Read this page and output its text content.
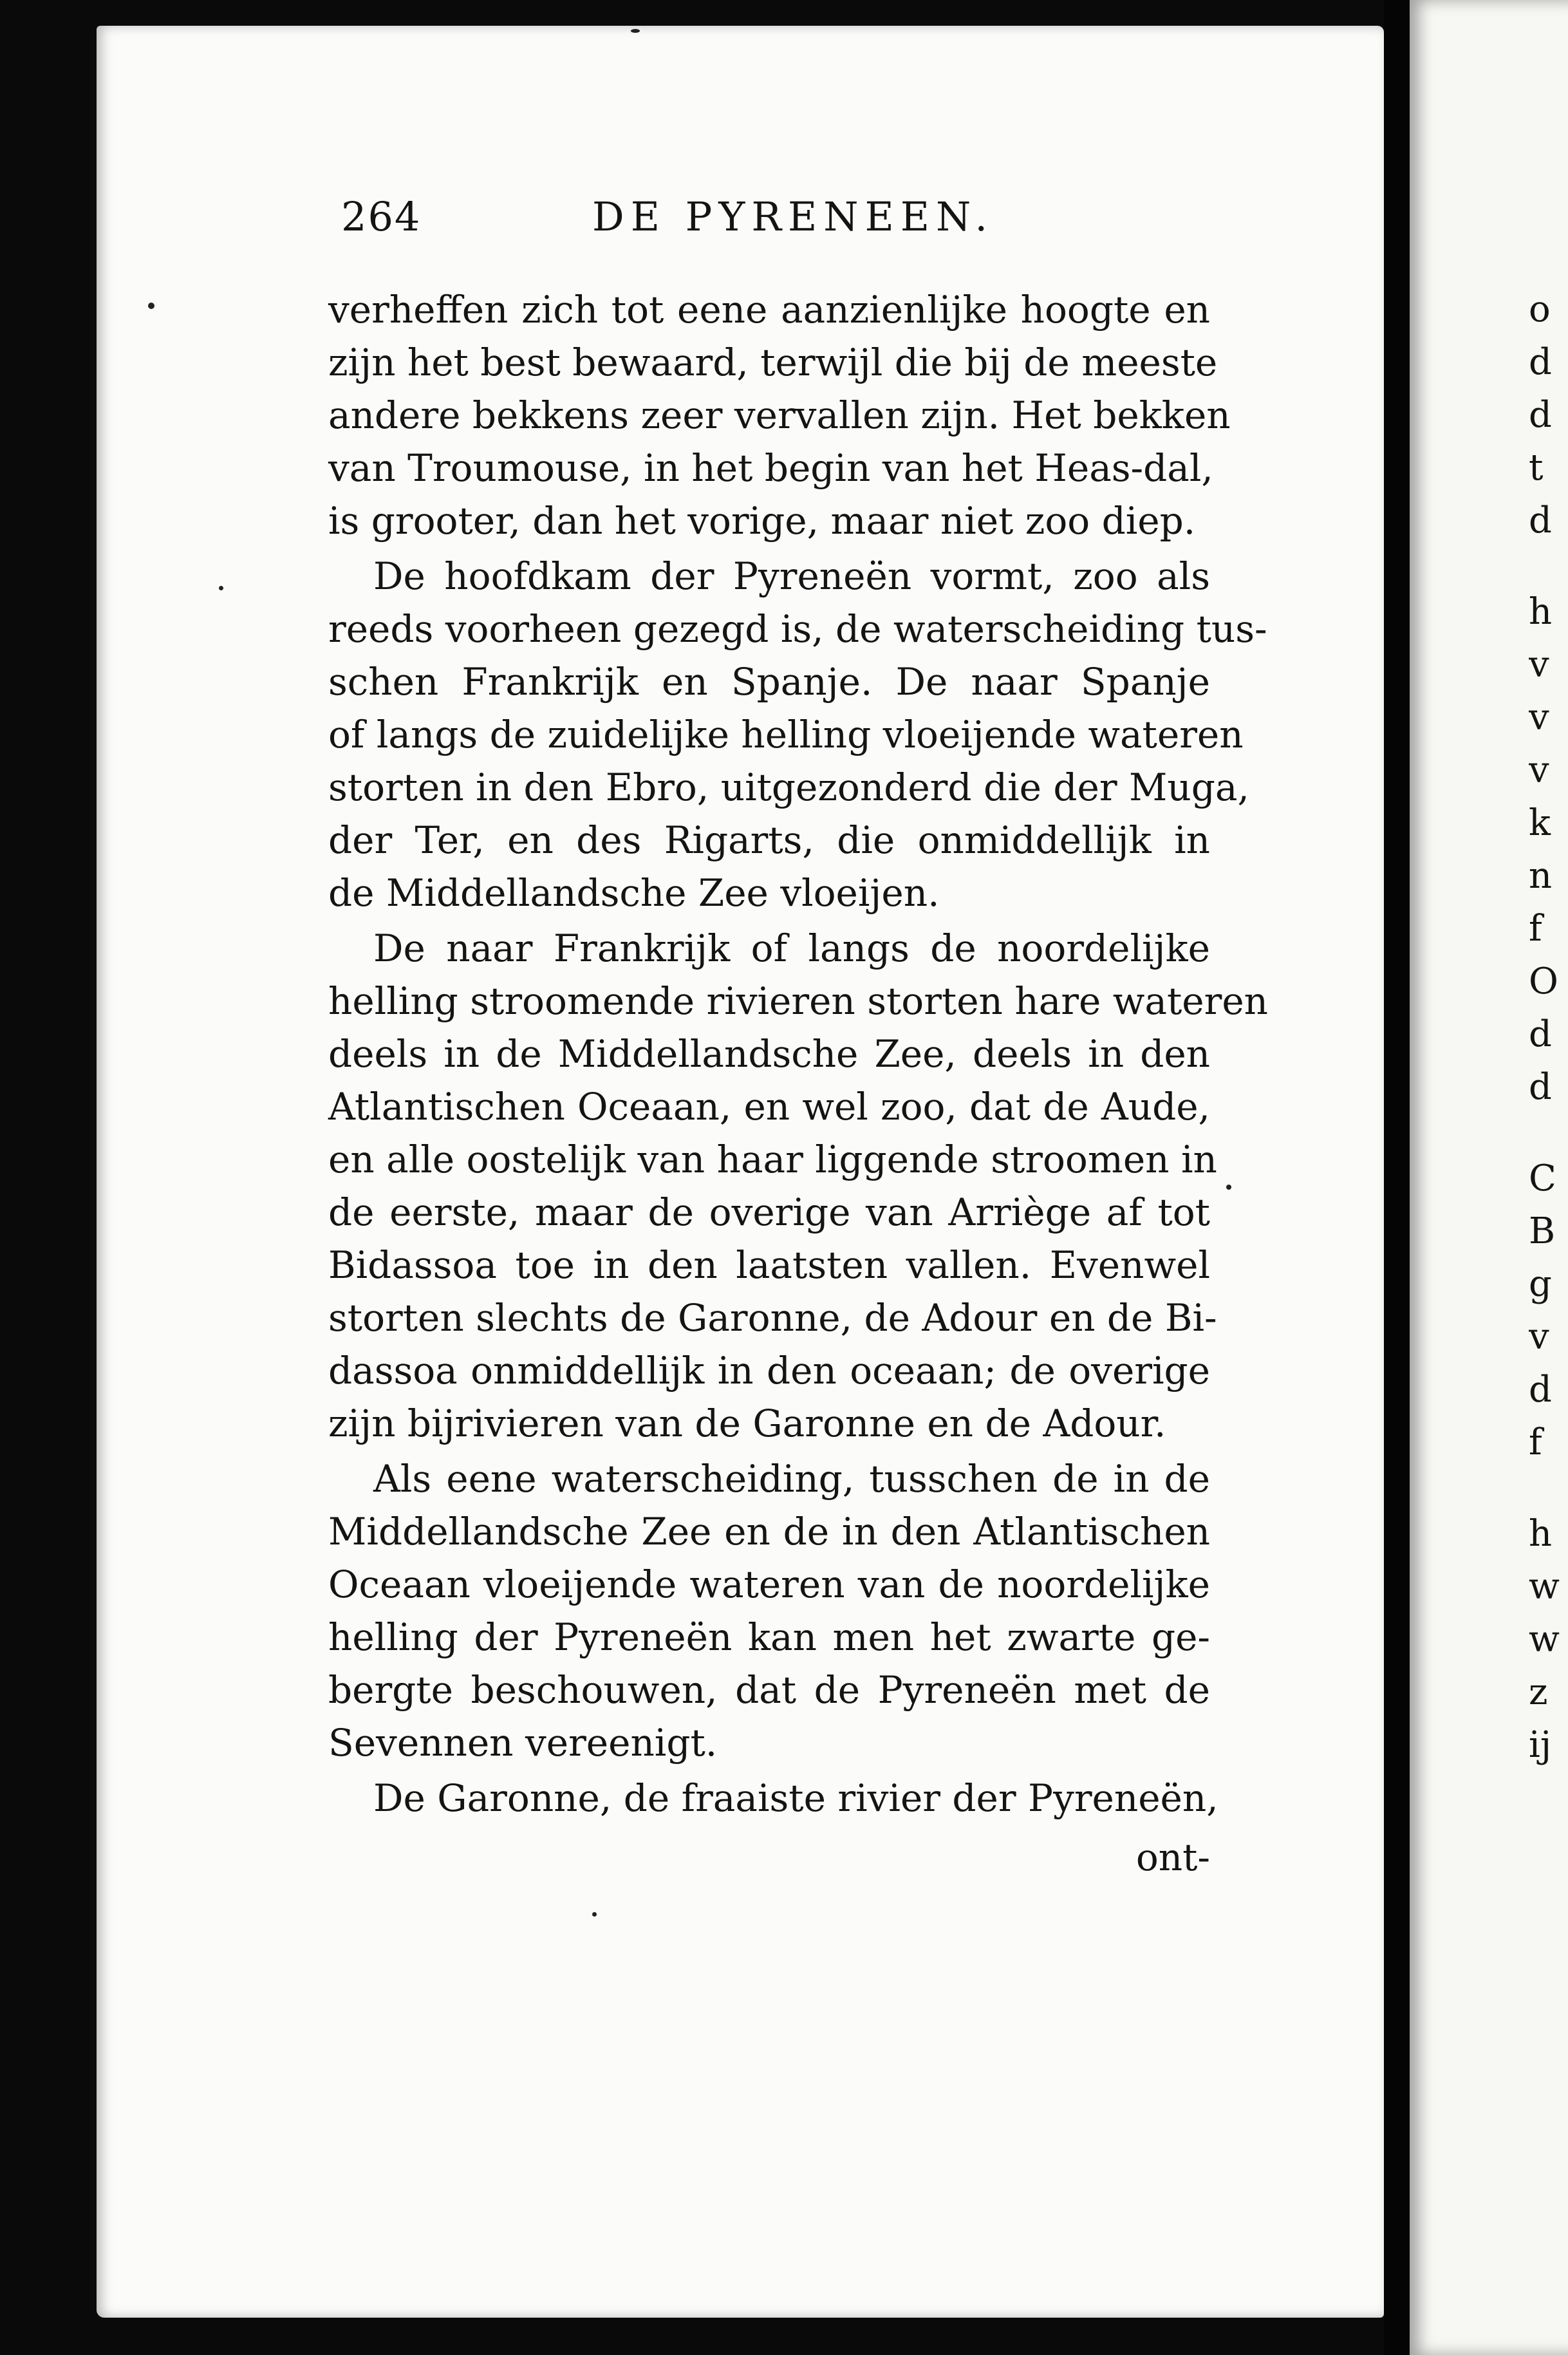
264	DE PYRENEEN.
verheffen zich tot eene aanzienlijke hoogte en
zijn het best bewaard, terwijl die bij de meeste
andere bekkens zeer vervallen zijn. Het bekken
van Troumouse, in het begin van het Heas-dal,
is grooter, dan het vorige, maar niet zoo diep.
De hoofdkam der Pyreneën vormt, zoo als
reeds voorheen gezegd is, de waterscheiding tus-
schen Frankrijk en Spanje. De naar Spanje
of langs de zuidelijke helling vloeijende wateren
storten in den Ebro, uitgezonderd die der Muga,
der Ter, en des Rigarts, die onmiddellijk in
de Middellandsche Zee vloeijen.
De naar Frankrijk of langs de noordelijke
helling stroomende rivieren storten hare wateren
deels in de Middellandsche Zee, deels in den
Atlantischen Oceaan, en wel zoo, dat de Aude,
en alle oostelijk van haar liggende stroomen in
de eerste, maar de overige van Arriège af tot
Bidassoa toe in den laatsten vallen. Evenwel
storten slechts de Garonne, de Adour en de Bi-
dassoa onmiddellijk in den oceaan; de overige
zijn bijrivieren van de Garonne en de Adour.
Als eene waterscheiding, tusschen de in de
Middellandsche Zee en de in den Atlantischen
Oceaan vloeijende wateren van de noordelijke
helling der Pyreneën kan men het zwarte ge-
bergte beschouwen, dat de Pyreneën met de
Sevennen vereenigt.
De Garonne, de fraaiste rivier der Pyreneën,
ont-
o
d
d
t
d
h
v
v
v
k
n
f
O
d
d
C
B
g
v
d
f
h
w
w
z
ij
